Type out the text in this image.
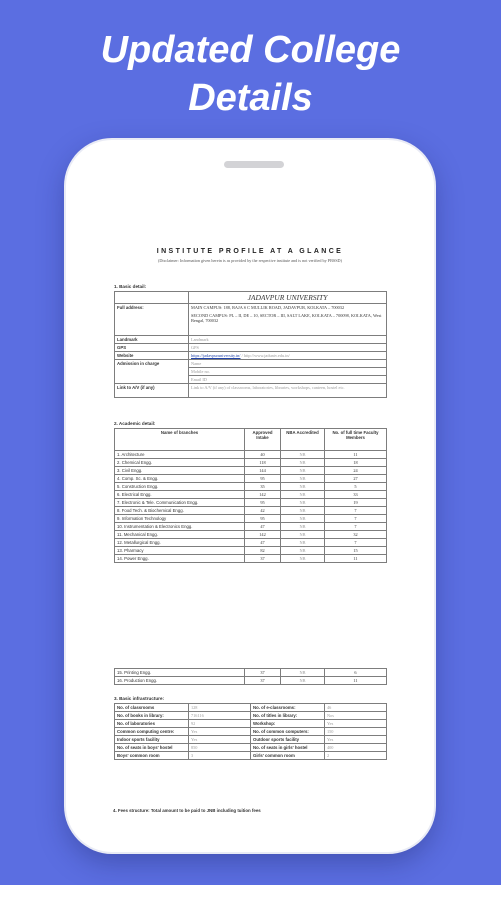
Updated College
Details
INSTITUTE PROFILE AT A GLANCE
(Disclaimer: Information given herein is as provided by the respective institute and is not verified by PBSSD)
1. Basic detail:
	JADAVPUR UNIVERSITY
Full address:	MAIN CAMPUS: 188, RAJA S C MULLIK ROAD, JADAVPUR, KOLKATA – 700032
SECOND CAMPUS: PL – II, DE – 10, SECTOR – III, SALT LAKE, KOLKATA – 700098, KOLKATA, West Bengal, 700032

Landmark	Landmark
GPS	GPS
Website	https://jadavpuruniversity.in/ / http://www.jaduniv.edu.in/
Admission in charge	Name
Mobile no.
Email ID

Link to A/V (if any)	Link to A/V (if any) of classrooms, laboratories, libraries, workshops, canteen, hostel etc.
2. Academic detail:
Name of branches	Approved Intake	NBA Accredited	No. of full time Faculty Members
1. Architecture	40	NB	11
2. Chemical Engg.	118	NB	18
3. Civil Engg.	144	NB	24
4. Comp. Sc. & Engg.	95	NB	27
5. Construction Engg.	35	NB	5
6. Electrical Engg.	142	NB	33
7. Electronic & Tele. Communication Engg.	95	NB	19
8. Food Tech. & Biochemical Engg.	42	NB	7
9. Information Technology	95	NB	7
10. Instrumentation & Electronics Engg.	47	NB	7
11. Mechanical Engg.	142	NB	32
12. Metallurgical Engg.	47	NB	7
13. Pharmacy	82	NB	15
14. Power Engg.	37	NB	11
15. Printing Engg.	37	NB	6
16. Production Engg.	37	NB	11
3. Basic infrastructure:
No. of classrooms	128	No. of e-classrooms:	46
No. of books in library:	716116	No. of titles in library:	Nos
No. of laboratories	92	Workshop:	Yes
Common computing centre:	Yes	No. of common computers:	150
Indoor sports facility	Yes	Outdoor sports facility	Yes
No. of seats in boys' hostel	850	No. of seats in girls' hostel	400
Boys' common room	3	Girls' common room	2
4. Fees structure: Total amount to be paid to JNB including tuition fees
